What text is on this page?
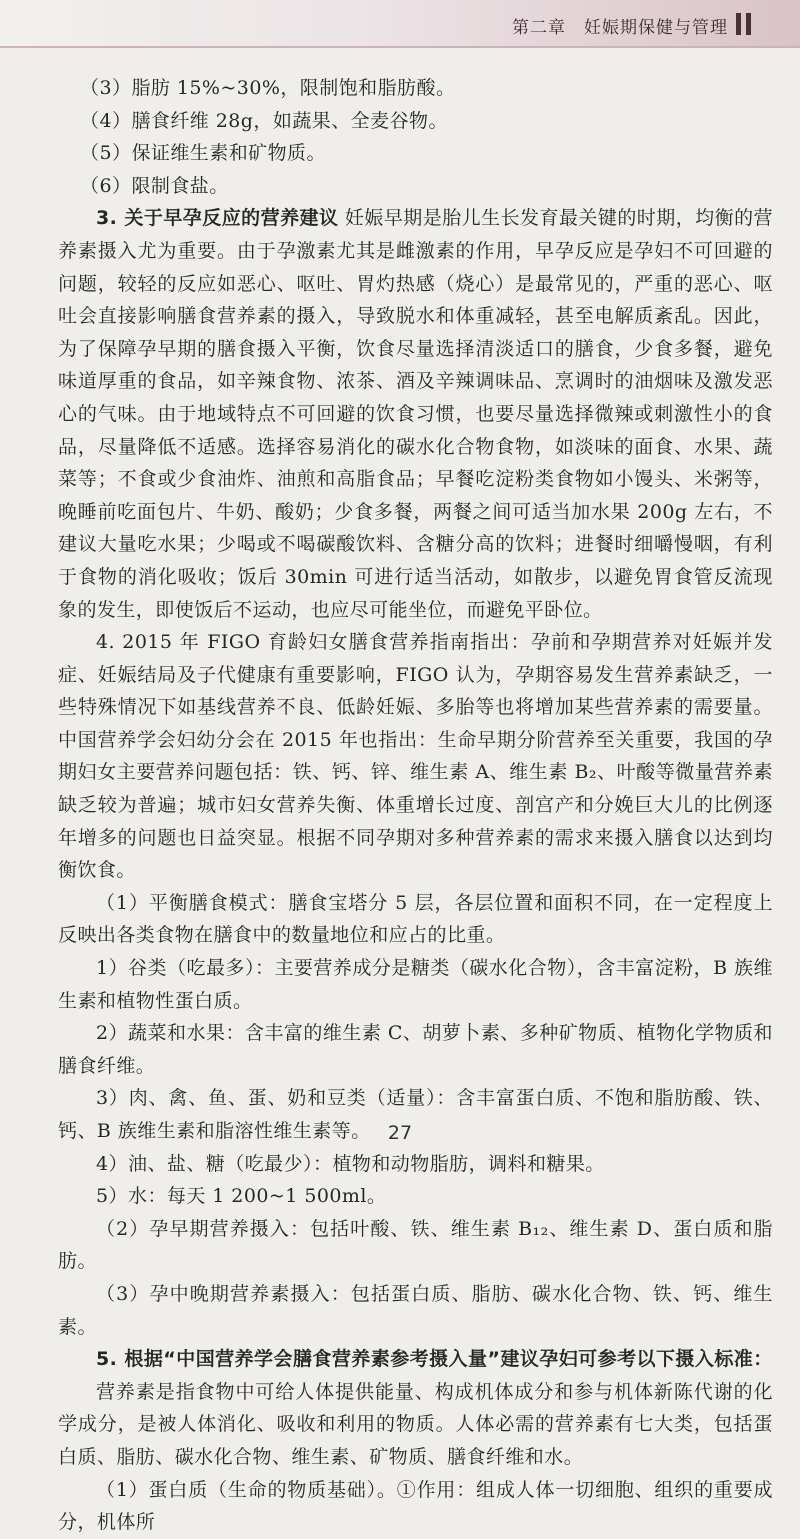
第二章 妊娠期保健与管理

（3）脂肪 15%~30%，限制饱和脂肪酸。

（4）膳食纤维 28g，如蔬果、全麦谷物。

（5）保证维生素和矿物质。

（6）限制食盐。

3. 关于早孕反应的营养建议 妊娠早期是胎儿生长发育最关键的时期，均衡的营养素摄入尤为重要。由于孕激素尤其是雌激素的作用，早孕反应是孕妇不可回避的问题，较轻的反应如恶心、呕吐、胃灼热感（烧心）是最常见的，严重的恶心、呕吐会直接影响膳食营养素的摄入，导致脱水和体重减轻，甚至电解质紊乱。因此，为了保障孕早期的膳食摄入平衡，饮食尽量选择清淡适口的膳食，少食多餐，避免味道厚重的食品，如辛辣食物、浓茶、酒及辛辣调味品、烹调时的油烟味及激发恶心的气味。由于地域特点不可回避的饮食习惯，也要尽量选择微辣或刺激性小的食品，尽量降低不适感。选择容易消化的碳水化合物食物，如淡味的面食、水果、蔬菜等；不食或少食油炸、油煎和高脂食品；早餐吃淀粉类食物如小馒头、米粥等，晚睡前吃面包片、牛奶、酸奶；少食多餐，两餐之间可适当加水果 200g 左右，不建议大量吃水果；少喝或不喝碳酸饮料、含糖分高的饮料；进餐时细嚼慢咽，有利于食物的消化吸收；饭后 30min 可进行适当活动，如散步，以避免胃食管反流现象的发生，即使饭后不运动，也应尽可能坐位，而避免平卧位。

4. 2015 年 FIGO 育龄妇女膳食营养指南指出：孕前和孕期营养对妊娠并发症、妊娠结局及子代健康有重要影响，FIGO 认为，孕期容易发生营养素缺乏，一些特殊情况下如基线营养不良、低龄妊娠、多胎等也将增加某些营养素的需要量。中国营养学会妇幼分会在 2015 年也指出：生命早期分阶营养至关重要，我国的孕期妇女主要营养问题包括：铁、钙、锌、维生素 A、维生素 B₂、叶酸等微量营养素缺乏较为普遍；城市妇女营养失衡、体重增长过度、剖宫产和分娩巨大儿的比例逐年增多的问题也日益突显。根据不同孕期对多种营养素的需求来摄入膳食以达到均衡饮食。

（1）平衡膳食模式：膳食宝塔分 5 层，各层位置和面积不同，在一定程度上反映出各类食物在膳食中的数量地位和应占的比重。

1）谷类（吃最多）：主要营养成分是糖类（碳水化合物），含丰富淀粉，B 族维生素和植物性蛋白质。

2）蔬菜和水果：含丰富的维生素 C、胡萝卜素、多种矿物质、植物化学物质和膳食纤维。

3）肉、禽、鱼、蛋、奶和豆类（适量）：含丰富蛋白质、不饱和脂肪酸、铁、钙、B 族维生素和脂溶性维生素等。

4）油、盐、糖（吃最少）：植物和动物脂肪，调料和糖果。

5）水：每天 1 200~1 500ml。

（2）孕早期营养摄入：包括叶酸、铁、维生素 B₁₂、维生素 D、蛋白质和脂肪。

（3）孕中晚期营养素摄入：包括蛋白质、脂肪、碳水化合物、铁、钙、维生素。

5. 根据“中国营养学会膳食营养素参考摄入量”建议孕妇可参考以下摄入标准：

营养素是指食物中可给人体提供能量、构成机体成分和参与机体新陈代谢的化学成分，是被人体消化、吸收和利用的物质。人体必需的营养素有七大类，包括蛋白质、脂肪、碳水化合物、维生素、矿物质、膳食纤维和水。

（1）蛋白质（生命的物质基础）。①作用：组成人体一切细胞、组织的重要成分，机体所

27
